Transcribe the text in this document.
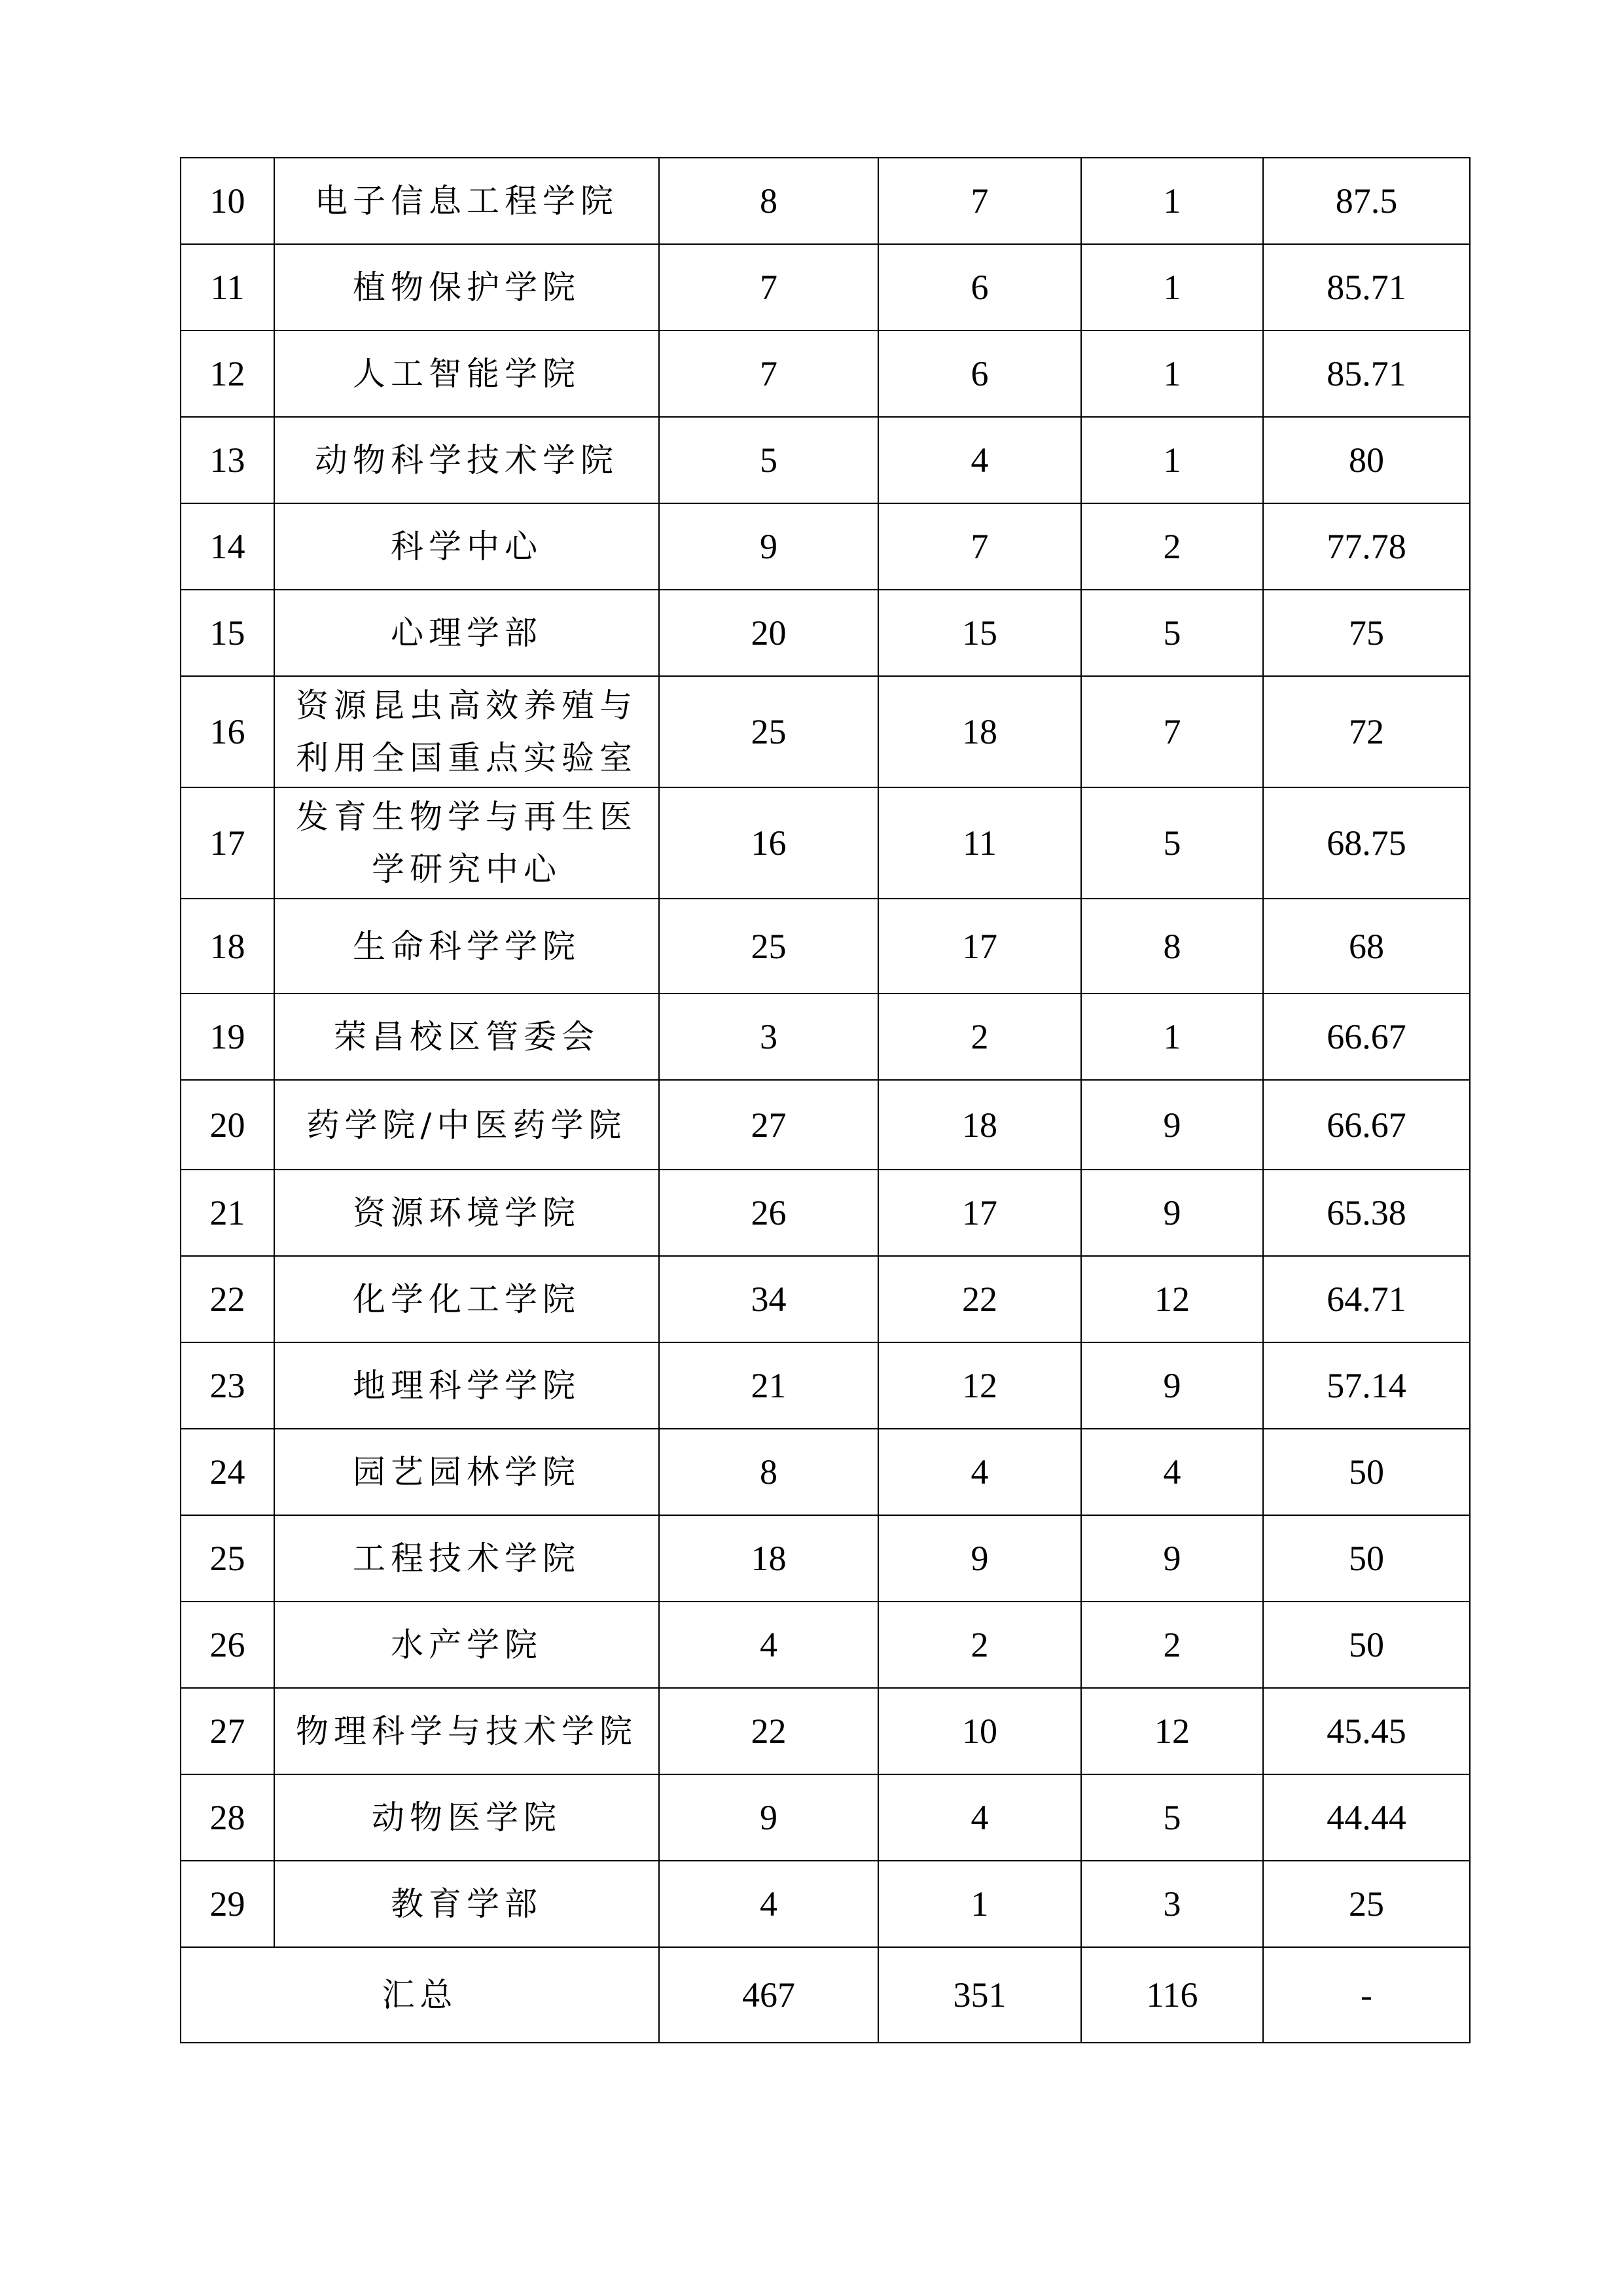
10	电子信息工程学院	8	7	1	87.5
11	植物保护学院	7	6	1	85.71
12	人工智能学院	7	6	1	85.71
13	动物科学技术学院	5	4	1	80
14	科学中心	9	7	2	77.78
15	心理学部	20	15	5	75
16	资源昆虫高效养殖与利用全国重点实验室	25	18	7	72
17	发育生物学与再生医学研究中心	16	11	5	68.75
18	生命科学学院	25	17	8	68
19	荣昌校区管委会	3	2	1	66.67
20	药学院/中医药学院	27	18	9	66.67
21	资源环境学院	26	17	9	65.38
22	化学化工学院	34	22	12	64.71
23	地理科学学院	21	12	9	57.14
24	园艺园林学院	8	4	4	50
25	工程技术学院	18	9	9	50
26	水产学院	4	2	2	50
27	物理科学与技术学院	22	10	12	45.45
28	动物医学院	9	4	5	44.44
29	教育学部	4	1	3	25
汇总		467	351	116	-
